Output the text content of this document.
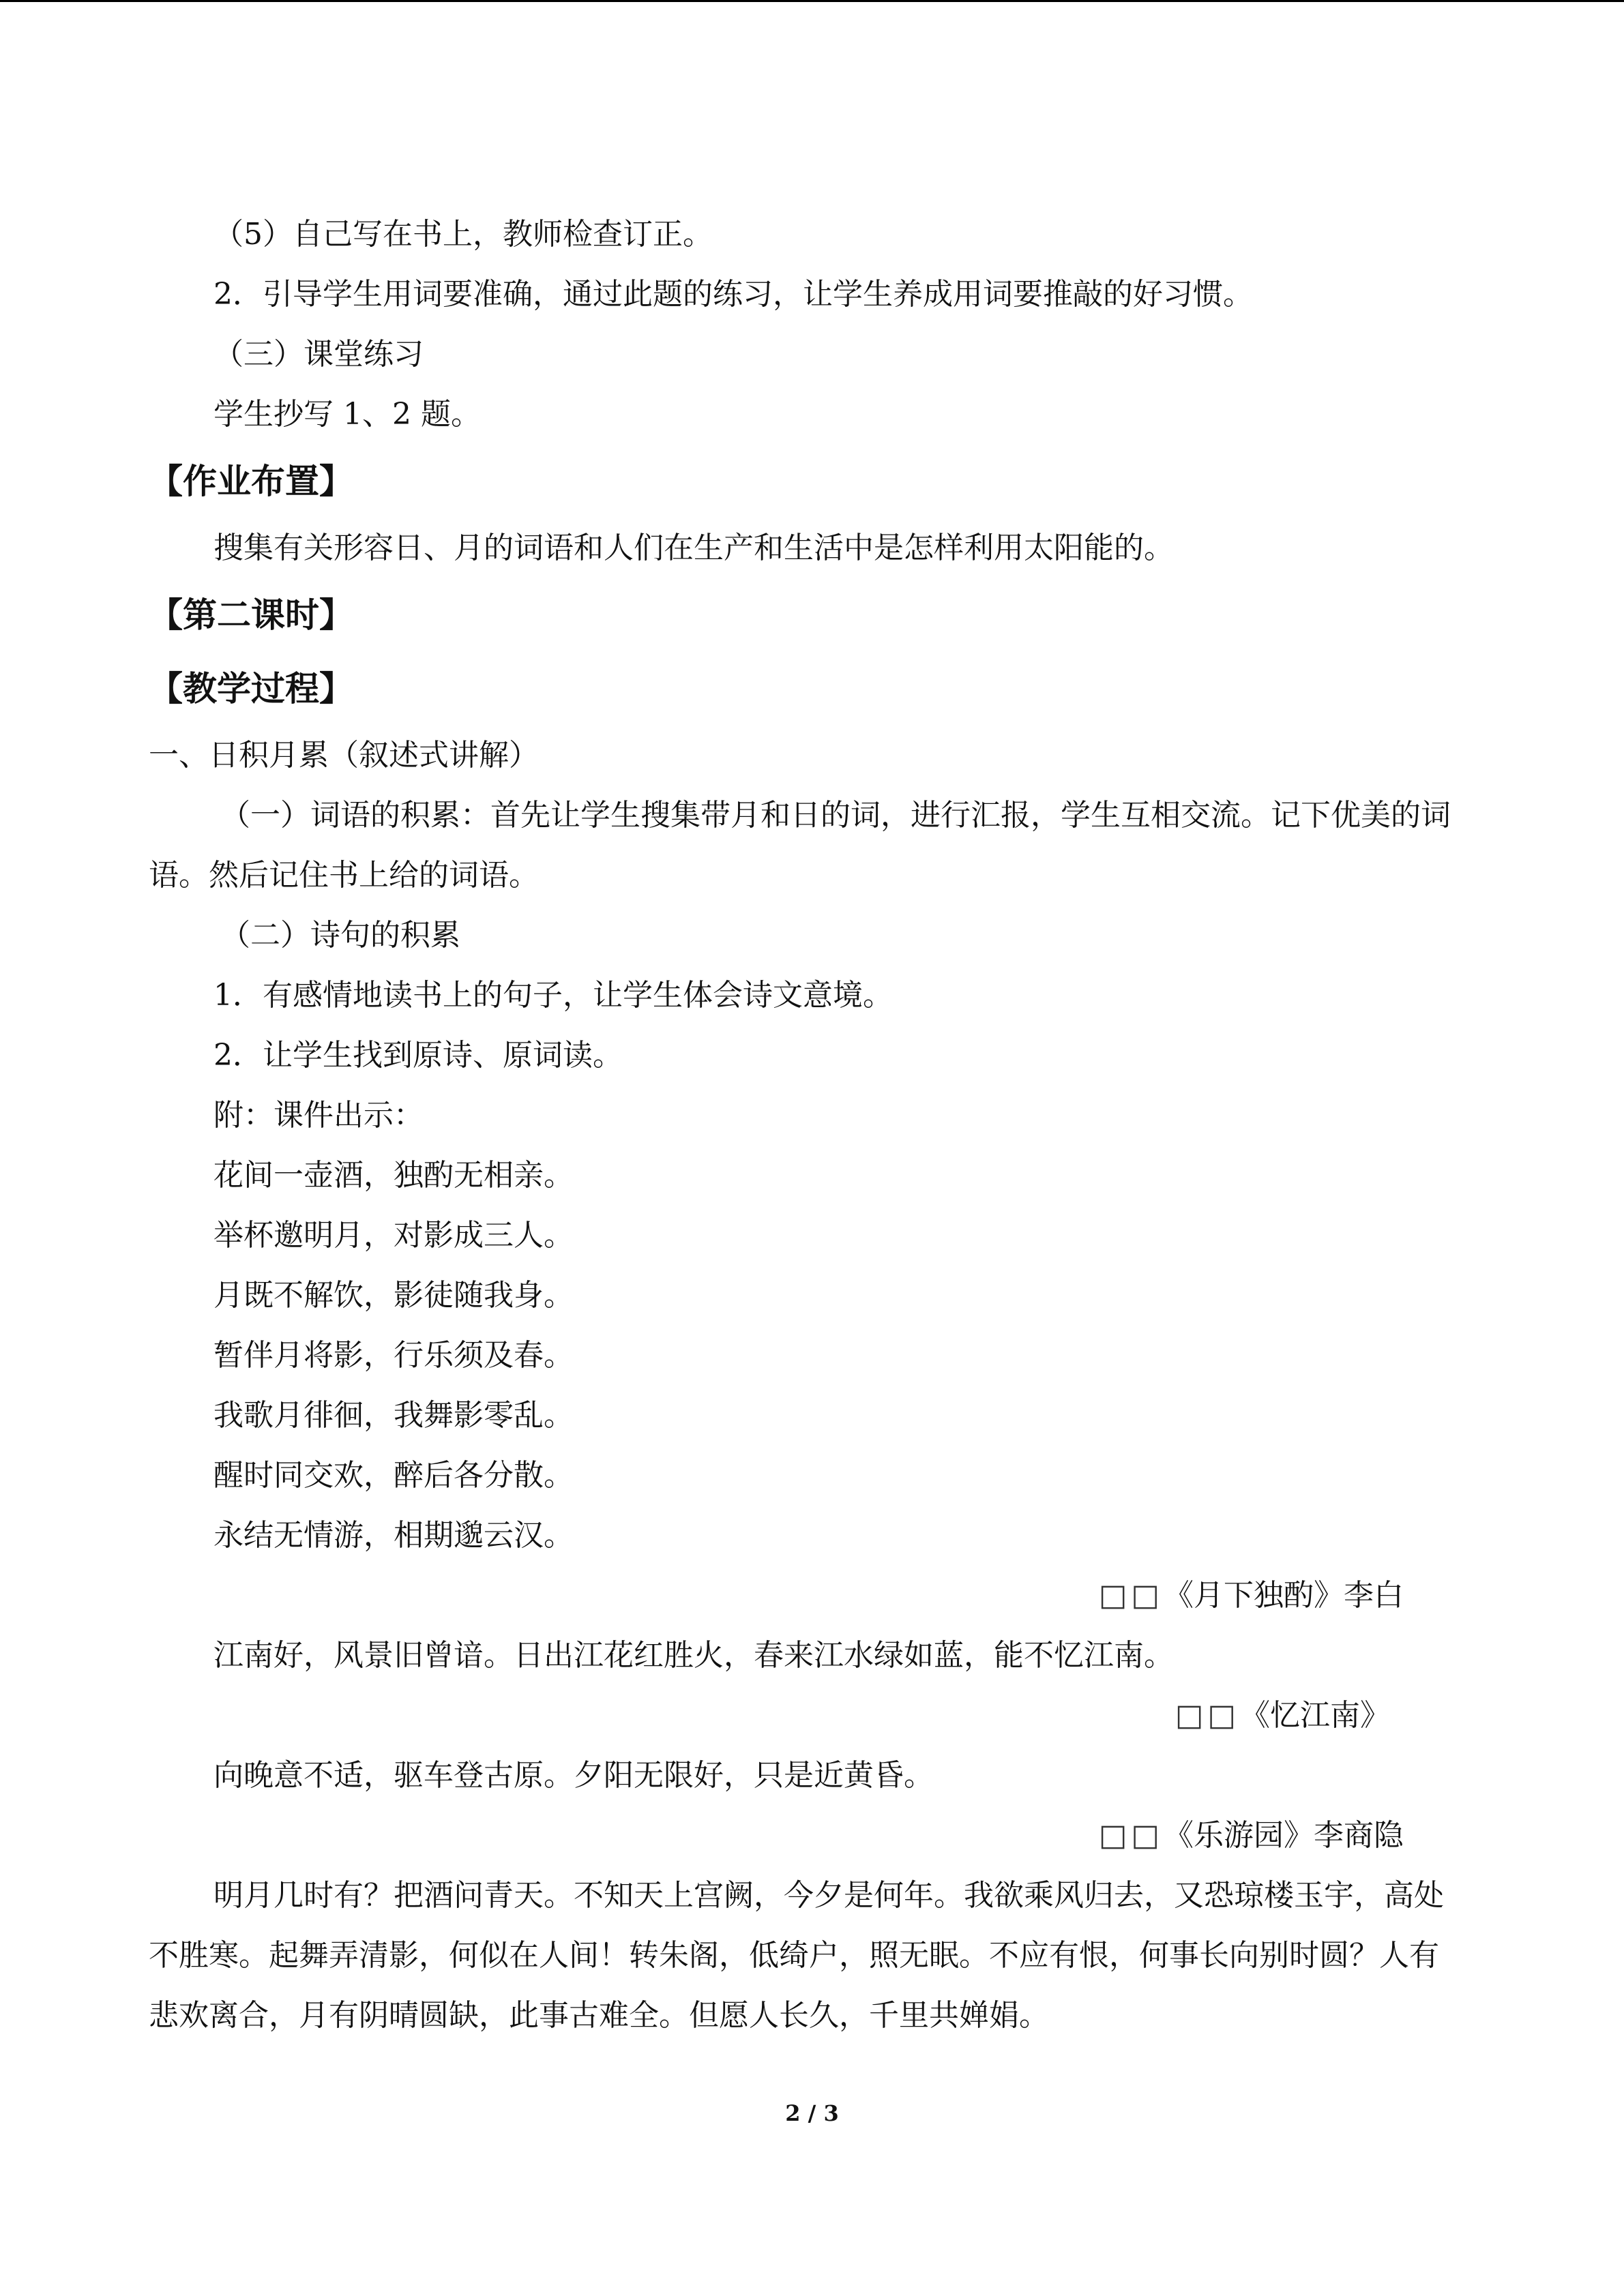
（5）自己写在书上，教师检查订正。

2．引导学生用词要准确，通过此题的练习，让学生养成用词要推敲的好习惯。

（三）课堂练习

学生抄写 1、2 题。

【作业布置】

搜集有关形容日、月的词语和人们在生产和生活中是怎样利用太阳能的。

【第二课时】
【教学过程】

一、日积月累（叙述式讲解）

（一）词语的积累：首先让学生搜集带月和日的词，进行汇报，学生互相交流。记下优美的词语。然后记住书上给的词语。

（二）诗句的积累

1．有感情地读书上的句子，让学生体会诗文意境。

2．让学生找到原诗、原词读。

附：课件出示：

花间一壶酒，独酌无相亲。

举杯邀明月，对影成三人。

月既不解饮，影徒随我身。

暂伴月将影，行乐须及春。

我歌月徘徊，我舞影零乱。

醒时同交欢，醉后各分散。

永结无情游，相期邈云汉。

□□《月下独酌》李白

江南好，风景旧曾谙。日出江花红胜火，春来江水绿如蓝，能不忆江南。

□□《忆江南》

向晚意不适，驱车登古原。夕阳无限好，只是近黄昏。

□□《乐游园》李商隐

明月几时有？把酒问青天。不知天上宫阙，今夕是何年。我欲乘风归去，又恐琼楼玉宇，高处不胜寒。起舞弄清影，何似在人间！转朱阁，低绮户，照无眠。不应有恨，何事长向别时圆？人有悲欢离合，月有阴晴圆缺，此事古难全。但愿人长久，千里共婵娟。

2 / 3
